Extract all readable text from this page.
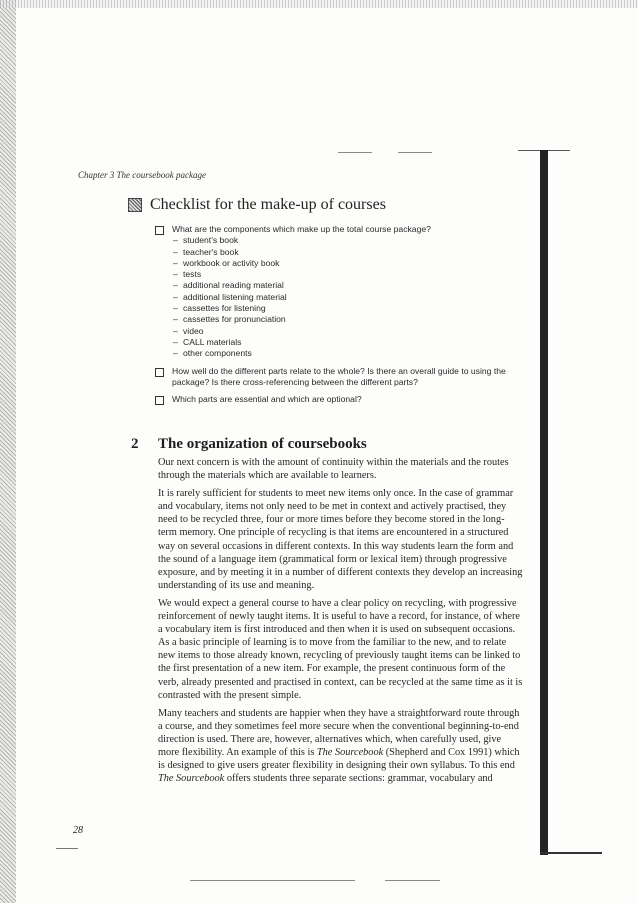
Chapter 3 The coursebook package
Checklist for the make-up of courses
What are the components which make up the total course package?
– student's book
– teacher's book
– workbook or activity book
– tests
– additional reading material
– additional listening material
– cassettes for listening
– cassettes for pronunciation
– video
– CALL materials
– other components
How well do the different parts relate to the whole? Is there an overall guide to using the package? Is there cross-referencing between the different parts?
Which parts are essential and which are optional?
2 The organization of coursebooks

Our next concern is with the amount of continuity within the materials and the routes through the materials which are available to learners.

It is rarely sufficient for students to meet new items only once. In the case of grammar and vocabulary, items not only need to be met in context and actively practised, they need to be recycled three, four or more times before they become stored in the long-term memory. One principle of recycling is that items are encountered in a structured way on several occasions in different contexts. In this way students learn the form and the sound of a language item (grammatical form or lexical item) through progressive exposure, and by meeting it in a number of different contexts they develop an increasing understanding of its use and meaning.

We would expect a general course to have a clear policy on recycling, with progressive reinforcement of newly taught items. It is useful to have a record, for instance, of where a vocabulary item is first introduced and then when it is used on subsequent occasions. As a basic principle of learning is to move from the familiar to the new, and to relate new items to those already known, recycling of previously taught items can be linked to the first presentation of a new item. For example, the present continuous form of the verb, already presented and practised in context, can be recycled at the same time as it is contrasted with the present simple.

Many teachers and students are happier when they have a straightforward route through a course, and they sometimes feel more secure when the conventional beginning-to-end direction is used. There are, however, alternatives which, when carefully used, give more flexibility. An example of this is The Sourcebook (Shepherd and Cox 1991) which is designed to give users greater flexibility in designing their own syllabus. To this end The Sourcebook offers students three separate sections: grammar, vocabulary and

28
